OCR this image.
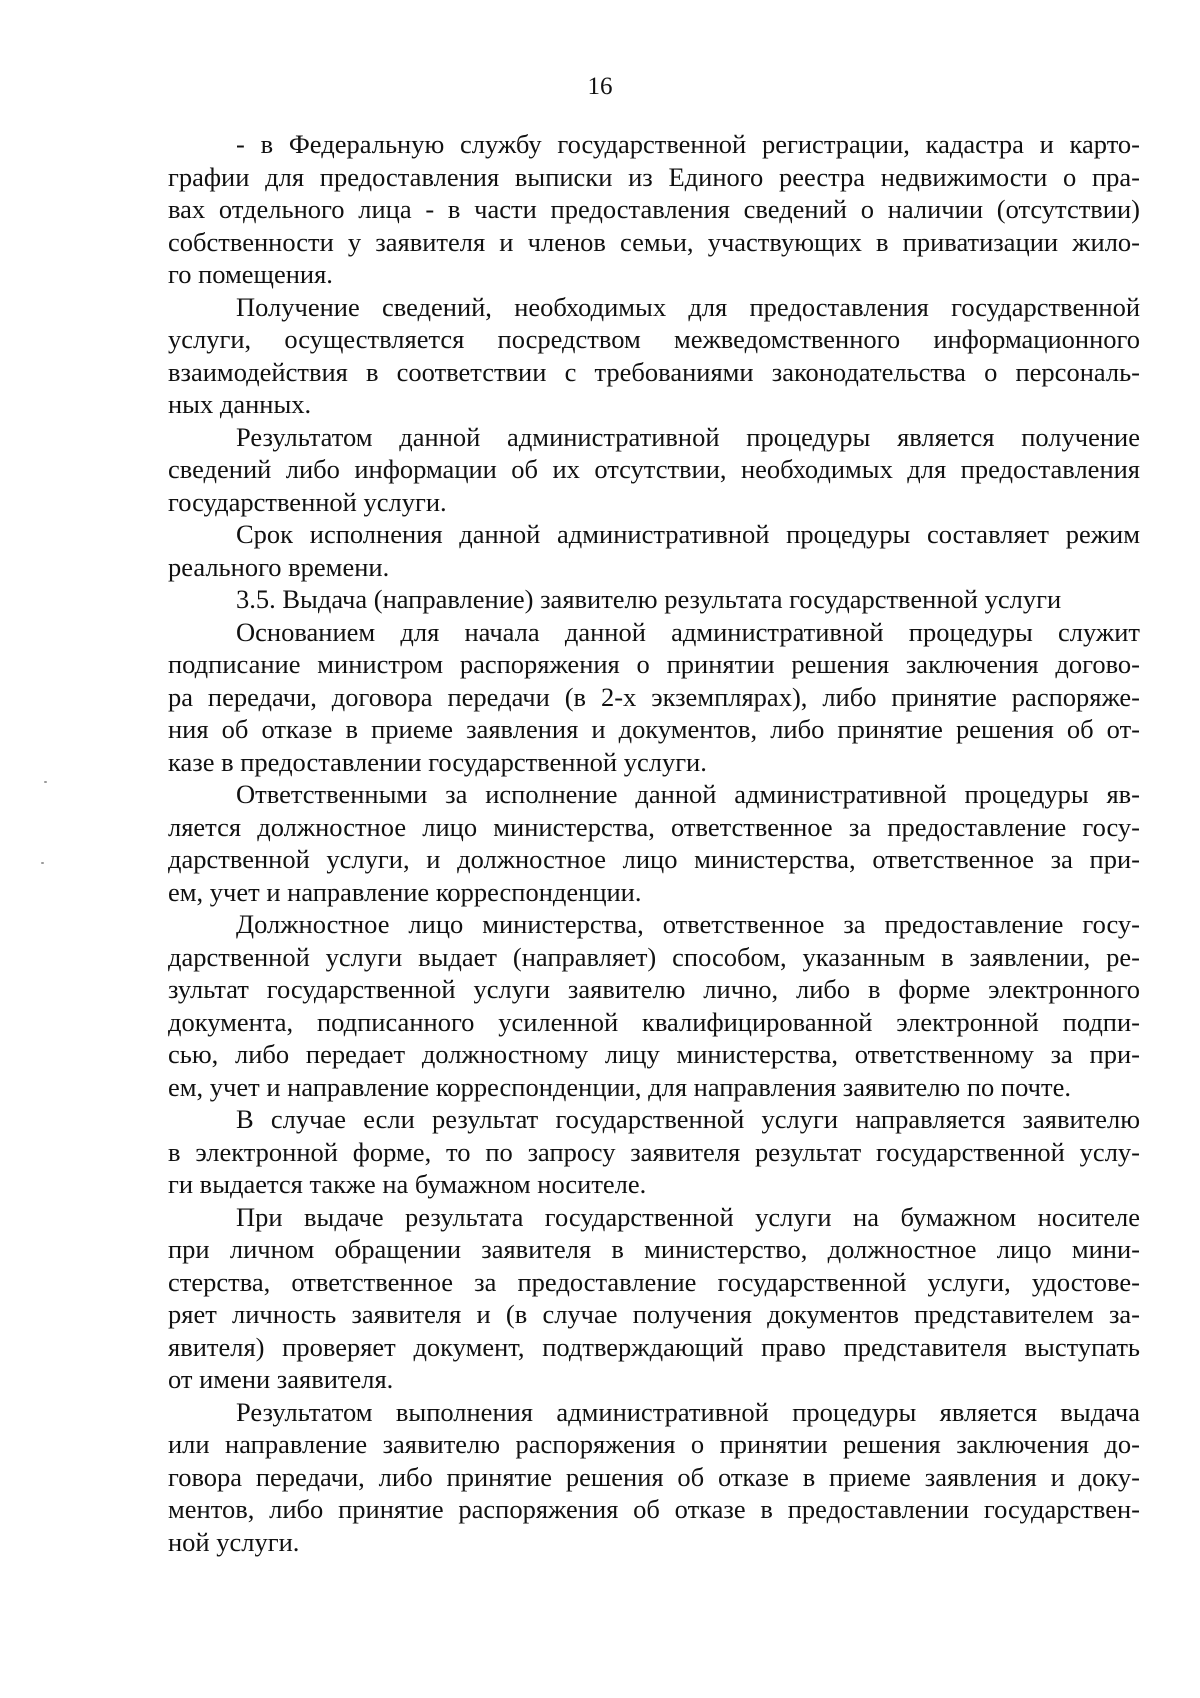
16
- в Федеральную службу государственной регистрации, кадастра и карто-
графии для предоставления выписки из Единого реестра недвижимости о пра-
вах отдельного лица - в части предоставления сведений о наличии (отсутствии)
собственности у заявителя и членов семьи, участвующих в приватизации жило-
го помещения.
Получение сведений, необходимых для предоставления государственной
услуги, осуществляется посредством межведомственного информационного
взаимодействия в соответствии с требованиями законодательства о персональ-
ных данных.
Результатом данной административной процедуры является получение
сведений либо информации об их отсутствии, необходимых для предоставления
государственной услуги.
Срок исполнения данной административной процедуры составляет режим
реального времени.
3.5. Выдача (направление) заявителю результата государственной услуги
Основанием для начала данной административной процедуры служит
подписание министром распоряжения о принятии решения заключения догово-
ра передачи, договора передачи (в 2-х экземплярах), либо принятие распоряже-
ния об отказе в приеме заявления и документов, либо принятие решения об от-
казе в предоставлении государственной услуги.
Ответственными за исполнение данной административной процедуры яв-
ляется должностное лицо министерства, ответственное за предоставление госу-
дарственной услуги, и должностное лицо министерства, ответственное за при-
ем, учет и направление корреспонденции.
Должностное лицо министерства, ответственное за предоставление госу-
дарственной услуги выдает (направляет) способом, указанным в заявлении, ре-
зультат государственной услуги заявителю лично, либо в форме электронного
документа, подписанного усиленной квалифицированной электронной подпи-
сью, либо передает должностному лицу министерства, ответственному за при-
ем, учет и направление корреспонденции, для направления заявителю по почте.
В случае если результат государственной услуги направляется заявителю
в электронной форме, то по запросу заявителя результат государственной услу-
ги выдается также на бумажном носителе.
При выдаче результата государственной услуги на бумажном носителе
при личном обращении заявителя в министерство, должностное лицо мини-
стерства, ответственное за предоставление государственной услуги, удостове-
ряет личность заявителя и (в случае получения документов представителем за-
явителя) проверяет документ, подтверждающий право представителя выступать
от имени заявителя.
Результатом выполнения административной процедуры является выдача
или направление заявителю распоряжения о принятии решения заключения до-
говора передачи, либо принятие решения об отказе в приеме заявления и доку-
ментов, либо принятие распоряжения об отказе в предоставлении государствен-
ной услуги.
